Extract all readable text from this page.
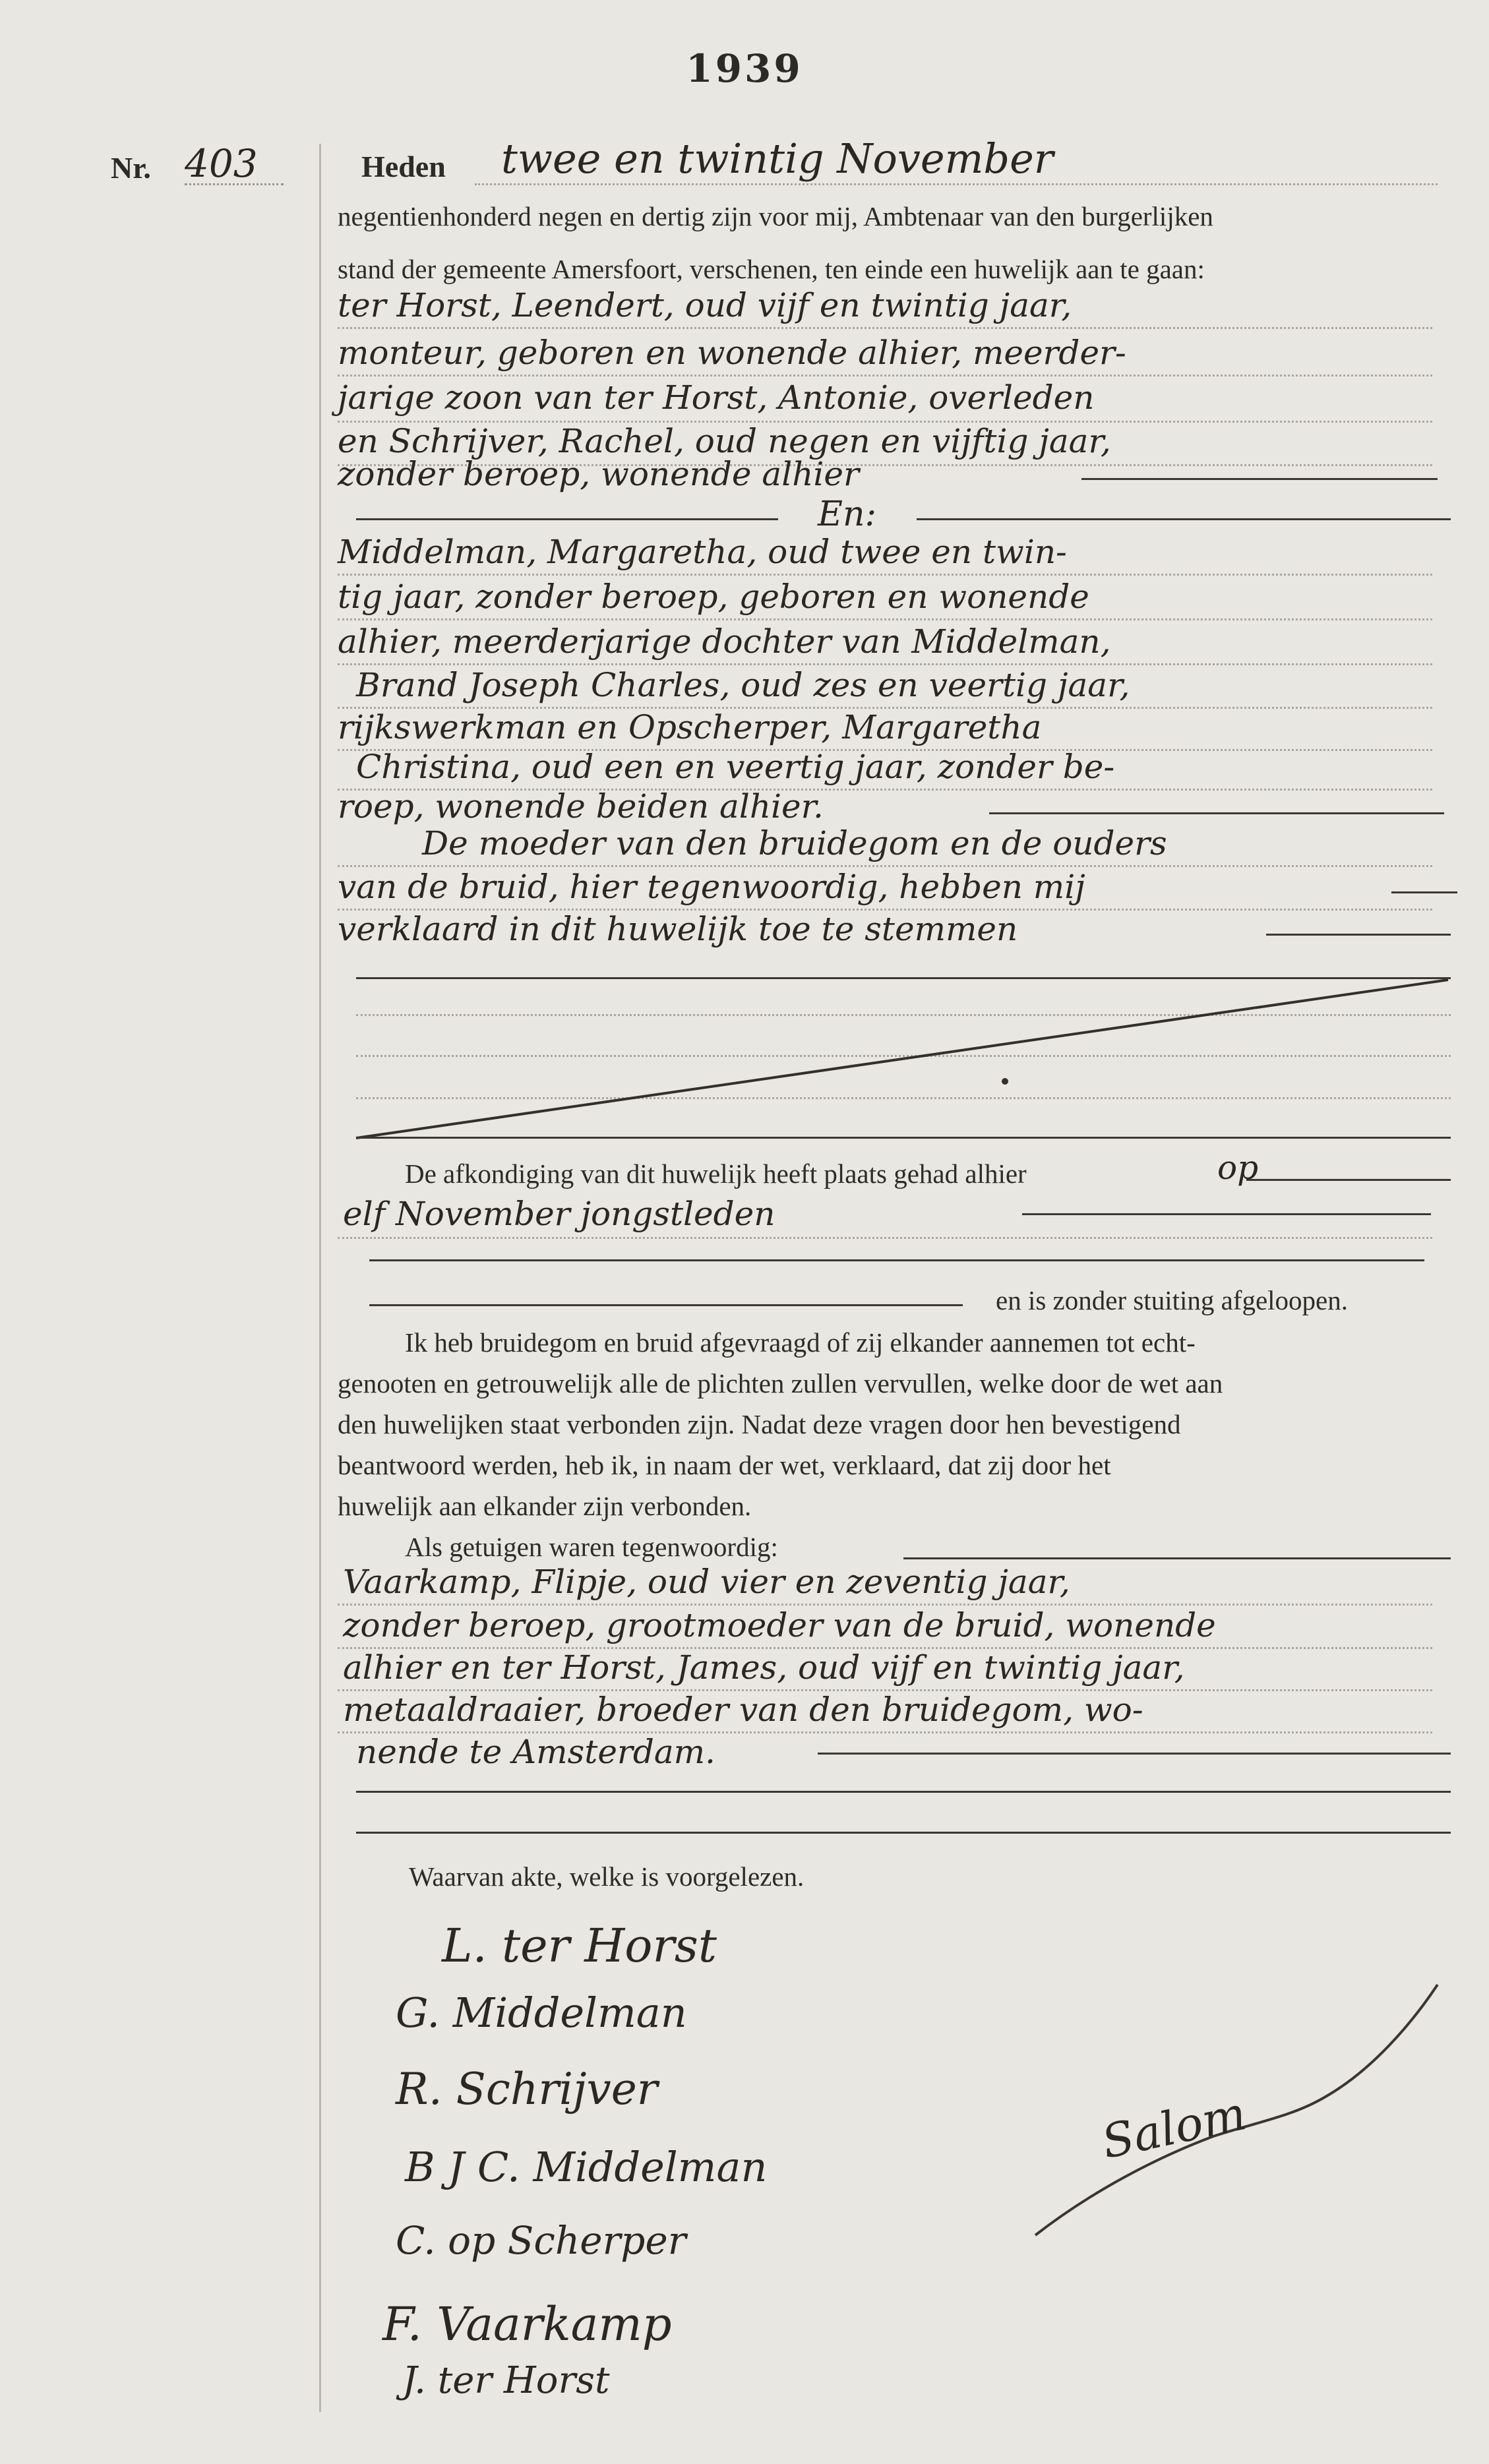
1939
Nr. 403	Heden twee en twintig November
negentienhonderd negen en dertig zijn voor mij, Ambtenaar van den burgerlijken
stand der gemeente Amersfoort, verschenen, ten einde een huwelijk aan te gaan:
ter Horst, Leendert, oud vijf en twintig jaar,
monteur, geboren en wonende alhier, meerder-
jarige zoon van ter Horst, Antonie, overleden
en Schrijver, Rachel, oud negen en vijftig jaar,
zonder beroep, wonende alhier
En:
Middelman, Margaretha, oud twee en twin-
tig jaar, zonder beroep, geboren en wonende
alhier, meerderjarige dochter van Middelman,
Brand Joseph Charles, oud zes en veertig jaar,
rijkswerkman en Opscherper, Margaretha
Christina, oud een en veertig jaar, zonder be-
roep, wonende beiden alhier.
De moeder van den bruidegom en de ouders
van de bruid, hier tegenwoordig, hebben mij
verklaard in dit huwelijk toe te stemmen
De afkondiging van dit huwelijk heeft plaats gehad alhier	op
elf November jongstleden
en is zonder stuiting afgeloopen.
Ik heb bruidegom en bruid afgevraagd of zij elkander aannemen tot echt-
genooten en getrouwelijk alle de plichten zullen vervullen, welke door de wet aan
den huwelijken staat verbonden zijn. Nadat deze vragen door hen bevestigend
beantwoord werden, heb ik, in naam der wet, verklaard, dat zij door het
huwelijk aan elkander zijn verbonden.
Als getuigen waren tegenwoordig:
Vaarkamp, Flipje, oud vier en zeventig jaar,
zonder beroep, grootmoeder van de bruid, wonende
alhier en ter Horst, James, oud vijf en twintig jaar,
metaaldraaier, broeder van den bruidegom, wo-
nende te Amsterdam.
Waarvan akte, welke is voorgelezen.
L. ter Horst
G. Middelman
R. Schrijver
B J C. Middelman
C. op Scherper
F. Vaarkamp
J. ter Horst
Salom
